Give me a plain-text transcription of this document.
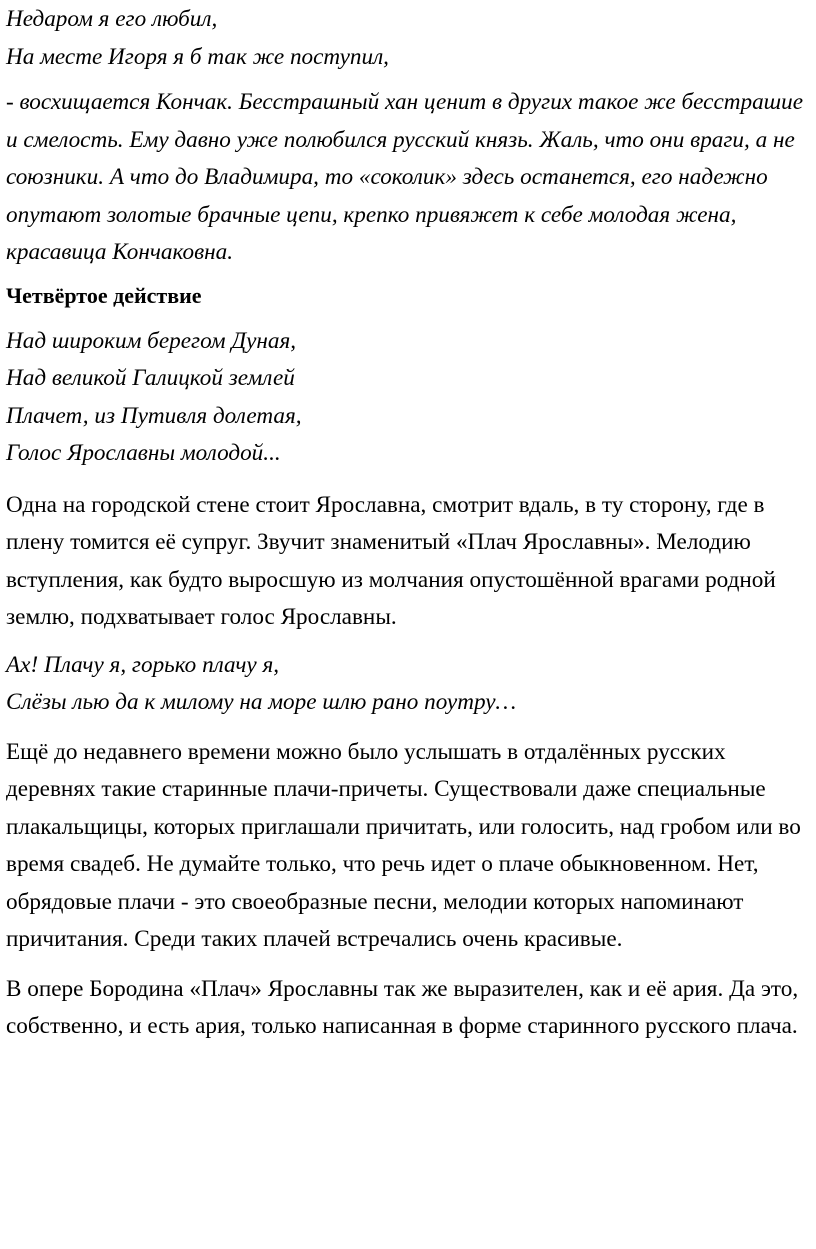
Недаром я его любил,
На месте Игоря я б так же поступил,

- восхищается Кончак. Бесстрашный хан ценит в других такое же бесстрашие и смелость. Ему давно уже полюбился русский князь. Жаль, что они враги, а не союзники. А что до Владимира, то «соколик» здесь останется, его надежно опутают золотые брачные цепи, крепко привяжет к себе молодая жена, красавица Кончаковна.

Четвёртое действие

Над широким берегом Дуная,
Над великой Галицкой землей
Плачет, из Путивля долетая,
Голос Ярославны молодой...

Одна на городской стене стоит Ярославна, смотрит вдаль, в ту сторону, где в плену томится её супруг. Звучит знаменитый «Плач Ярославны». Мелодию вступления, как будто выросшую из молчания опустошённой врагами родной землю, подхватывает голос Ярославны.

Ах! Плачу я, горько плачу я,
Слёзы лью да к милому на море шлю рано поутру…

Ещё до недавнего времени можно было услышать в отдалённых русских деревнях такие старинные плачи-причеты. Существовали даже специальные плакальщицы, которых приглашали причитать, или голосить, над гробом или во время свадеб. Не думайте только, что речь идет о плаче обыкновенном. Нет, обрядовые плачи - это своеобразные песни, мелодии которых напоминают причитания. Среди таких плачей встречались очень красивые.

В опере Бородина «Плач» Ярославны так же выразителен, как и её ария. Да это, собственно, и есть ария, только написанная в форме старинного русского плача.
